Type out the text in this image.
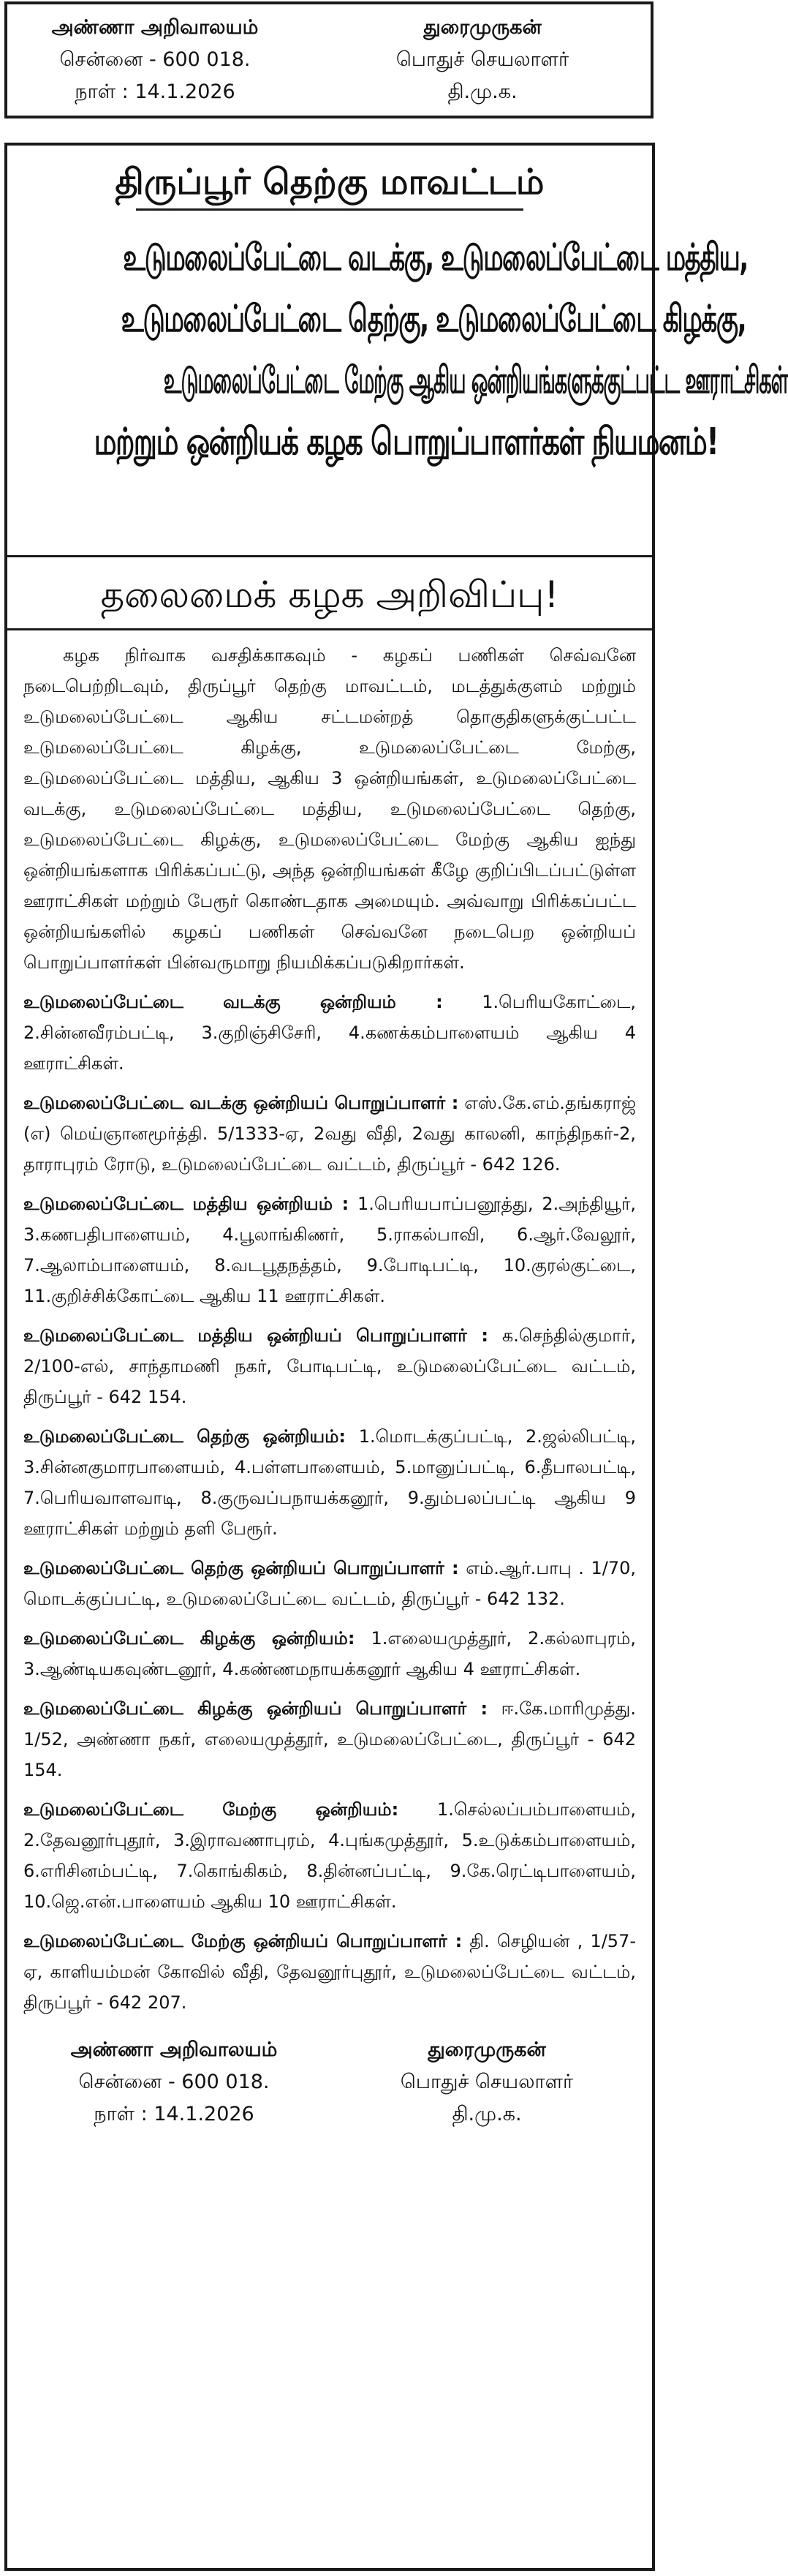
அண்ணா அறிவாலயம்
சென்னை - 600 018.
நாள் : 14.1.2026
துரைமுருகன்
பொதுச் செயலாளர்
தி.மு.க.
திருப்பூர் தெற்கு மாவட்டம்
உடுமலைப்பேட்டை வடக்கு, உடுமலைப்பேட்டை மத்திய,
உடுமலைப்பேட்டை தெற்கு, உடுமலைப்பேட்டை கிழக்கு,
உடுமலைப்பேட்டை மேற்கு ஆகிய ஒன்றியங்களுக்குட்பட்ட ஊராட்சிகள்
மற்றும் ஒன்றியக் கழக பொறுப்பாளர்கள் நியமனம்!
தலைமைக் கழக அறிவிப்பு!

கழக நிர்வாக வசதிக்காகவும் - கழகப் பணிகள் செவ்வனே நடைபெற்றிடவும், திருப்பூர் தெற்கு மாவட்டம், மடத்துக்குளம் மற்றும் உடுமலைப்பேட்டை ஆகிய சட்டமன்றத் தொகுதிகளுக்குட்பட்ட உடுமலைப்பேட்டை கிழக்கு, உடுமலைப்பேட்டை மேற்கு, உடுமலைப்பேட்டை மத்திய, ஆகிய 3 ஒன்றியங்கள், உடுமலைப்பேட்டை வடக்கு, உடுமலைப்பேட்டை மத்திய, உடுமலைப்பேட்டை தெற்கு, உடுமலைப்பேட்டை கிழக்கு, உடுமலைப்பேட்டை மேற்கு ஆகிய ஐந்து ஒன்றியங்களாக பிரிக்கப்பட்டு, அந்த ஒன்றியங்கள் கீழே குறிப்பிடப்பட்டுள்ள ஊராட்சிகள் மற்றும் பேரூர் கொண்டதாக அமையும். அவ்வாறு பிரிக்கப்பட்ட ஒன்றியங்களில் கழகப் பணிகள் செவ்வனே நடைபெற ஒன்றியப் பொறுப்பாளர்கள் பின்வருமாறு நியமிக்கப்படுகிறார்கள்.

உடுமலைப்பேட்டை வடக்கு ஒன்றியம் : 1.பெரியகோட்டை, 2.சின்னவீரம்பட்டி, 3.குறிஞ்சிசேரி, 4.கணக்கம்பாளையம் ஆகிய 4 ஊராட்சிகள்.

உடுமலைப்பேட்டை வடக்கு ஒன்றியப் பொறுப்பாளர் : எஸ்.கே.எம்.தங்கராஜ் (எ) மெய்ஞானமூர்த்தி. 5/1333-ஏ, 2வது வீதி, 2வது காலனி, காந்திநகர்-2, தாராபுரம் ரோடு, உடுமலைப்பேட்டை வட்டம், திருப்பூர் - 642 126.

உடுமலைப்பேட்டை மத்திய ஒன்றியம் : 1.பெரியபாப்பனூத்து, 2.அந்தியூர், 3.கணபதிபாளையம், 4.பூலாங்கிணர், 5.ராகல்பாவி, 6.ஆர்.வேலூர், 7.ஆலாம்பாளையம், 8.வடபூதநத்தம், 9.போடிபட்டி, 10.குரல்குட்டை, 11.குறிச்சிக்கோட்டை ஆகிய 11 ஊராட்சிகள்.

உடுமலைப்பேட்டை மத்திய ஒன்றியப் பொறுப்பாளர் : க.செந்தில்குமார், 2/100-எல், சாந்தாமணி நகர், போடிபட்டி, உடுமலைப்பேட்டை வட்டம், திருப்பூர் - 642 154.

உடுமலைப்பேட்டை தெற்கு ஒன்றியம்: 1.மொடக்குப்பட்டி, 2.ஜல்லிபட்டி, 3.சின்னகுமாரபாளையம், 4.பள்ளபாளையம், 5.மானுப்பட்டி, 6.தீபாலபட்டி, 7.பெரியவாளவாடி, 8.குருவப்பநாயக்கனூர், 9.தும்பலப்பட்டி ஆகிய 9 ஊராட்சிகள் மற்றும் தளி பேரூர்.

உடுமலைப்பேட்டை தெற்கு ஒன்றியப் பொறுப்பாளர் : எம்.ஆர்.பாபு . 1/70, மொடக்குப்பட்டி, உடுமலைப்பேட்டை வட்டம், திருப்பூர் - 642 132.

உடுமலைப்பேட்டை கிழக்கு ஒன்றியம்: 1.எலையமுத்தூர், 2.கல்லாபுரம், 3.ஆண்டியகவுண்டனூர், 4.கண்ணமநாயக்கனூர் ஆகிய 4 ஊராட்சிகள்.

உடுமலைப்பேட்டை கிழக்கு ஒன்றியப் பொறுப்பாளர் : ஈ.கே.மாரிமுத்து. 1/52, அண்ணா நகர், எலையமுத்தூர், உடுமலைப்பேட்டை, திருப்பூர் - 642 154.

உடுமலைப்பேட்டை மேற்கு ஒன்றியம்: 1.செல்லப்பம்பாளையம், 2.தேவனூர்புதூர், 3.இராவணாபுரம், 4.புங்கமுத்தூர், 5.உடுக்கம்பாளையம், 6.எரிசினம்பட்டி, 7.கொங்கிகம், 8.தின்னப்பட்டி, 9.கே.ரெட்டிபாளையம், 10.ஜெ.என்.பாளையம் ஆகிய 10 ஊராட்சிகள்.

உடுமலைப்பேட்டை மேற்கு ஒன்றியப் பொறுப்பாளர் : தி. செழியன் , 1/57-ஏ, காளியம்மன் கோவில் வீதி, தேவனூர்புதூர், உடுமலைப்பேட்டை வட்டம், திருப்பூர் - 642 207.

அண்ணா அறிவாலயம்
சென்னை - 600 018.
நாள் : 14.1.2026
துரைமுருகன்
பொதுச் செயலாளர்
தி.மு.க.
